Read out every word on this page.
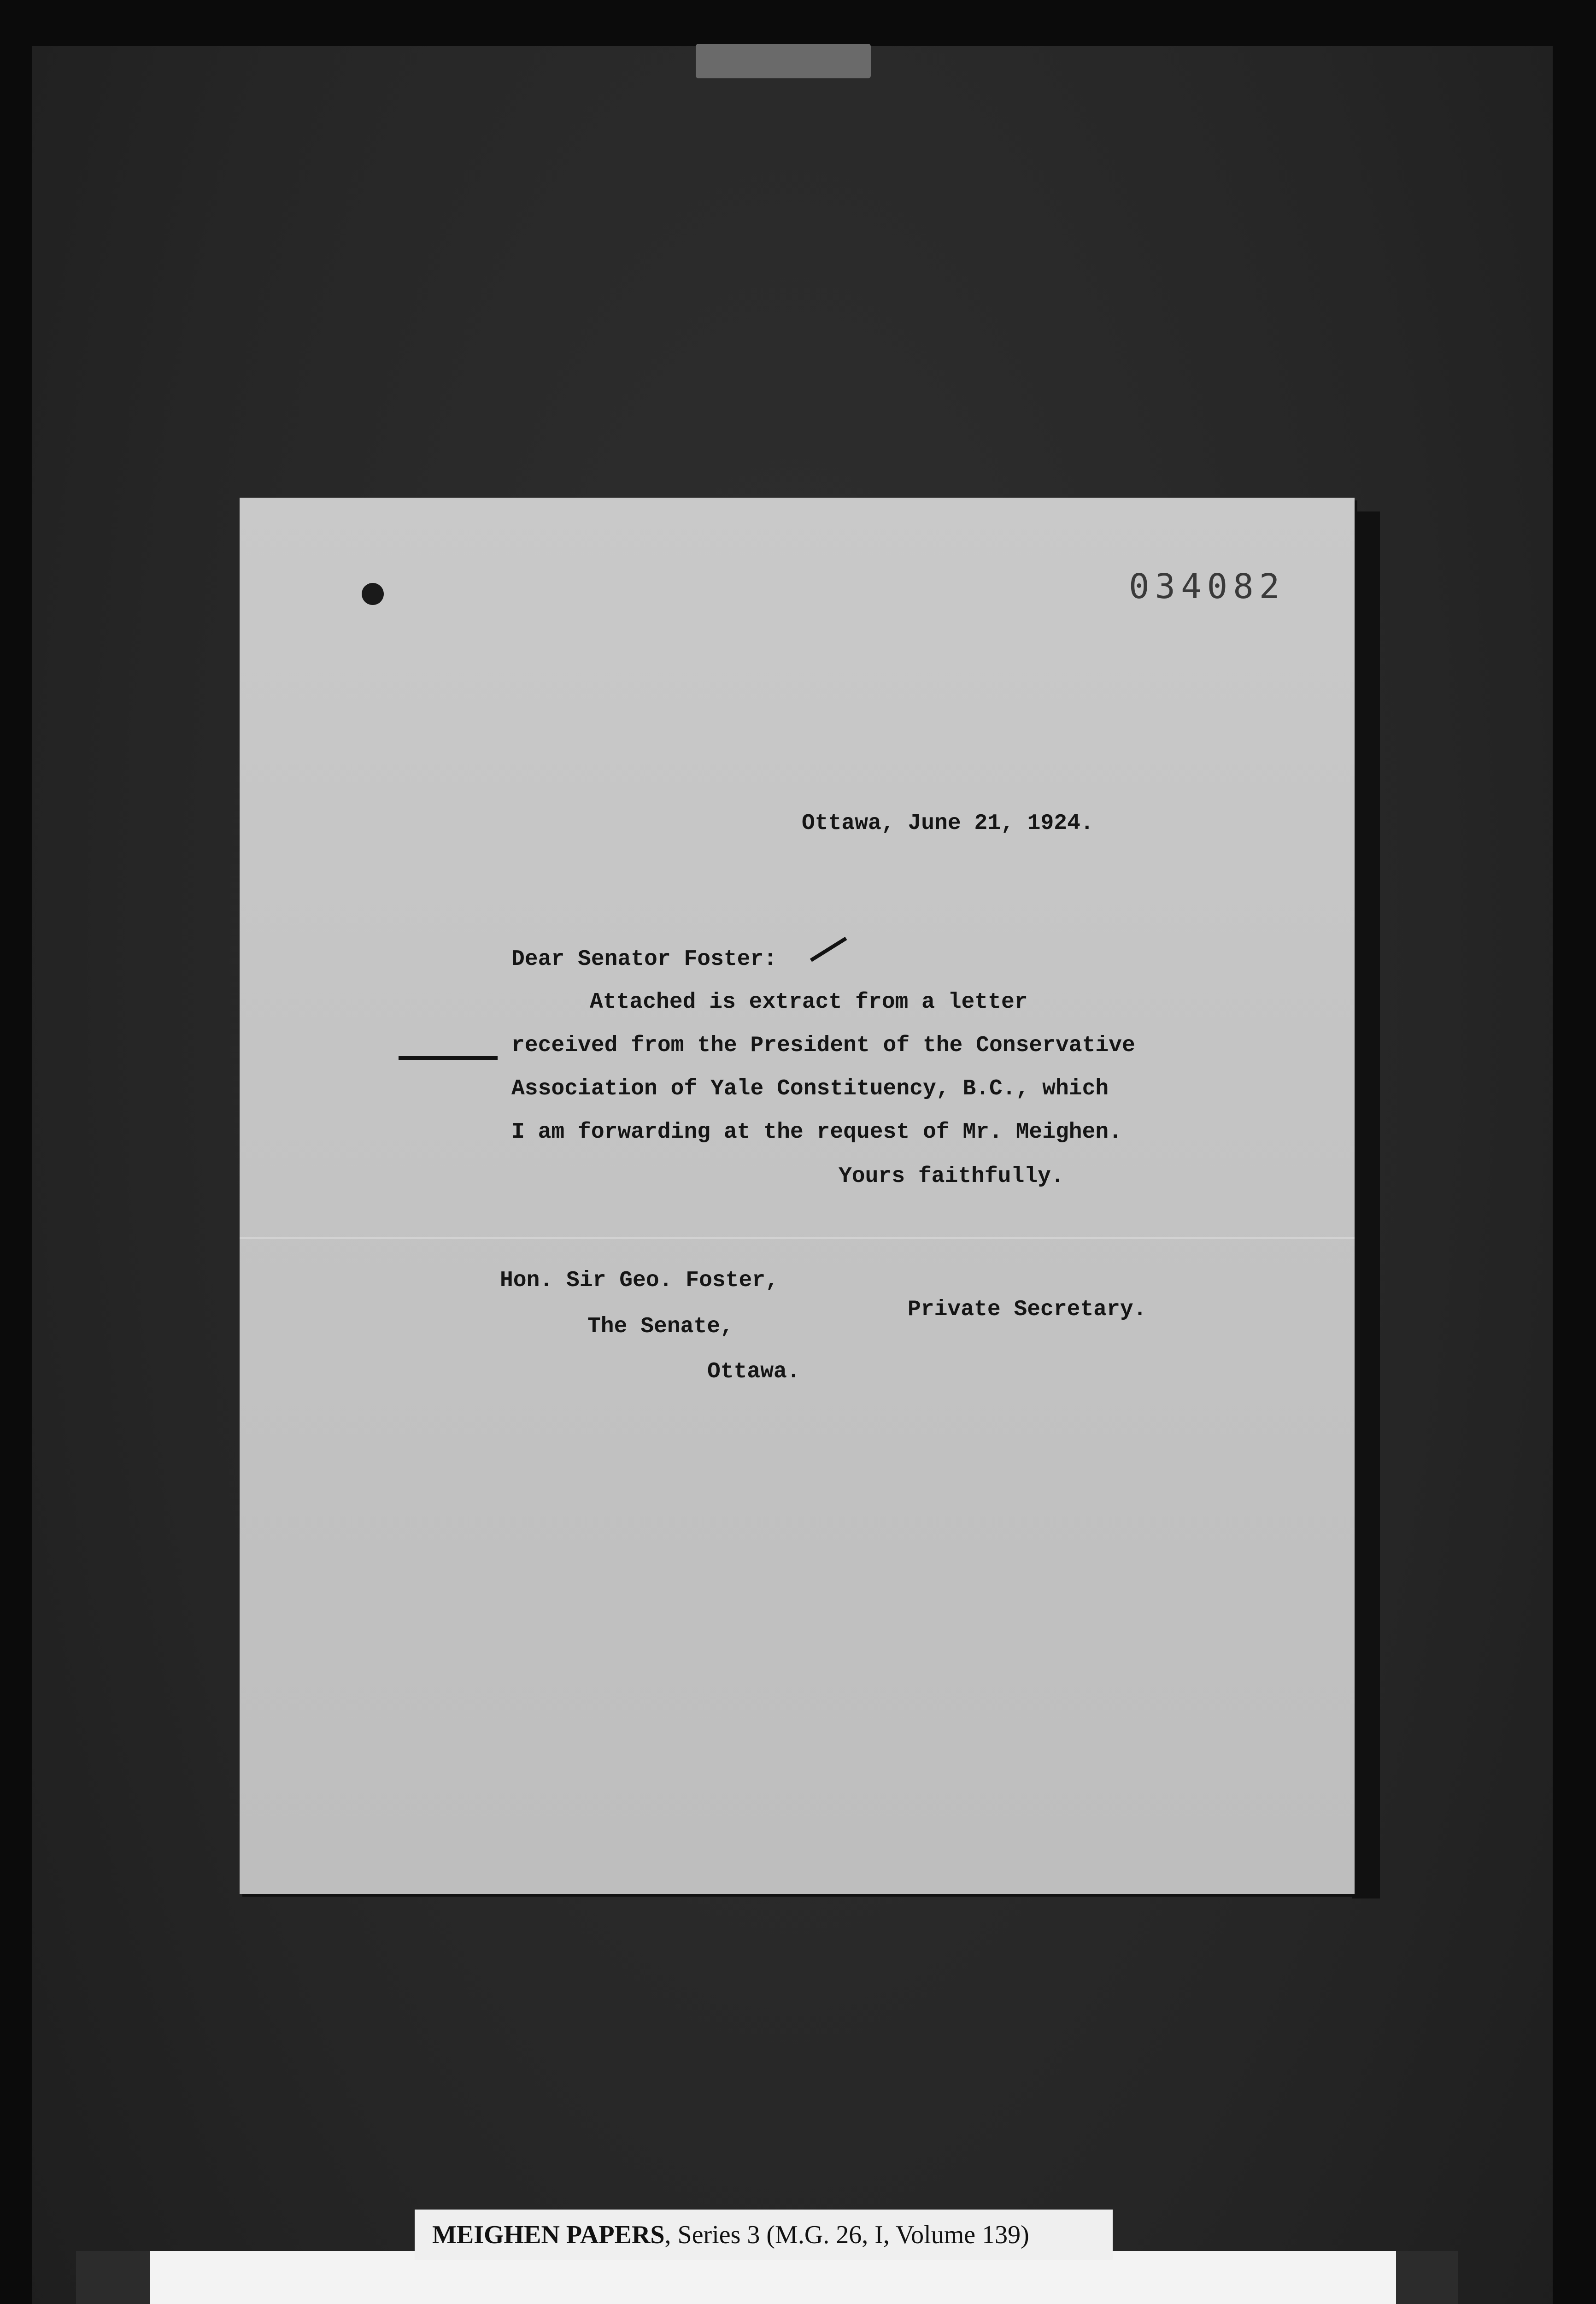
034082
Ottawa, June 21, 1924.
Dear Senator Foster:
Attached is extract from a letter
received from the President of the Conservative
Association of Yale Constituency, B.C., which
I am forwarding at the request of Mr. Meighen.
Yours faithfully.
Private Secretary.
Hon. Sir Geo. Foster,
The Senate,
Ottawa.
MEIGHEN PAPERS, Series 3 (M.G. 26, I, Volume 139)
